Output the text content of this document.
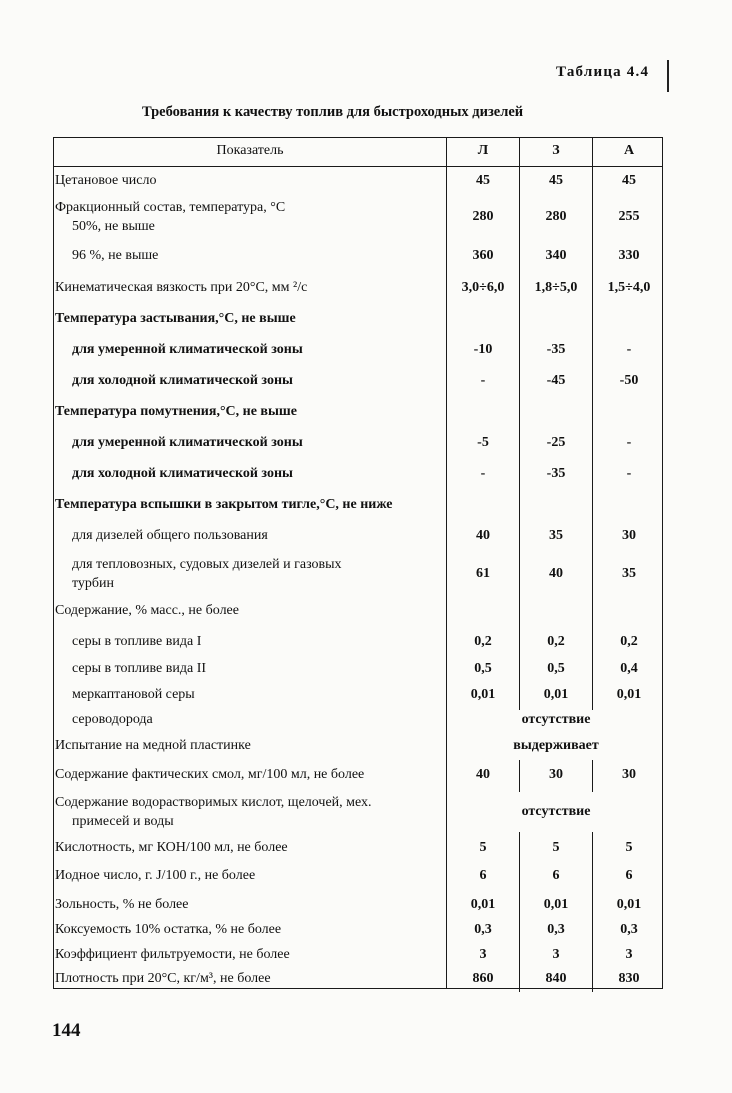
Таблица 4.4
Требования к качеству топлив для быстроходных дизелей
Показатель	Л	З	А
Цетановое число	45	45	45
Фракционный состав, температура, °С
50%, не выше
280	280	255
96 %, не выше	360	340	330
Кинематическая вязкость при 20°С, мм ²/с	3,0÷6,0 1,8÷5,0 1,5÷4,0
Температура застывания,°С, не выше
для умеренной климатической зоны	-10	-35	-
для холодной климатической зоны	-	-45	-50
Температура помутнения,°С, не выше
для умеренной климатической зоны	-5	-25	-
для холодной климатической зоны	-	-35	-
Температура вспышки в закрытом тигле,°С, не ниже
для дизелей общего пользования	40	35	30
для тепловозных, судовых дизелей и газовых
турбин
61	40	35
Содержание, % масс., не более
серы в топливе вида I	0,2	0,2	0,2
серы в топливе вида II	0,5	0,5	0,4
меркаптановой серы	0,01	0,01	0,01
сероводорода	отсутствие
Испытание на медной пластинке	выдерживает
Содержание фактических смол, мг/100 мл, не более	40	30	30
Содержание водорастворимых кислот, щелочей, мех.
примесей и воды
отсутствие
Кислотность, мг КОН/100 мл, не более	5	5	5
Иодное число, г. J/100 г., не более	6	6	6
Зольность, % не более	0,01	0,01	0,01
Коксуемость 10% остатка, % не более	0,3	0,3	0,3
Коэффициент фильтруемости, не более	3	3	3
Плотность при 20°С, кг/м³, не более	860	840	830
144
